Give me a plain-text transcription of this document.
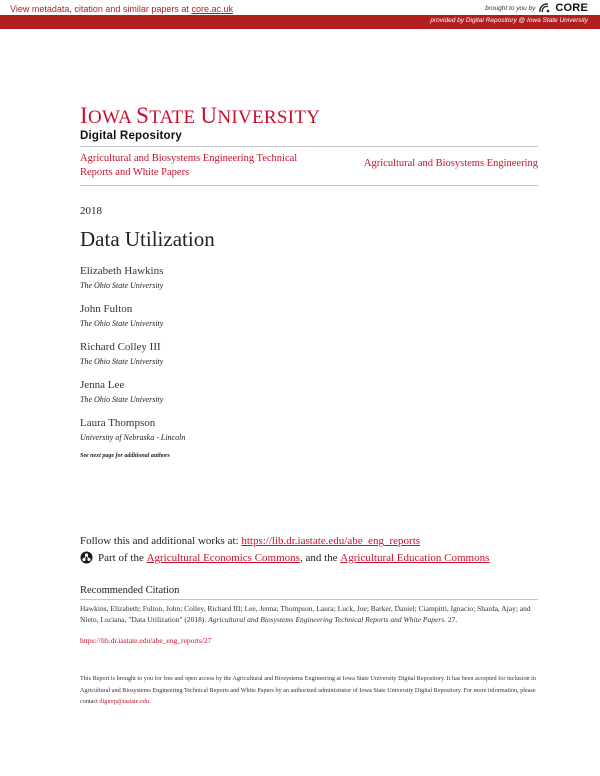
View metadata, citation and similar papers at core.ac.uk	brought to you by CORE
provided by Digital Repository @ Iowa State University
IOWA STATE UNIVERSITY
Digital Repository
Agricultural and Biosystems Engineering Technical Reports and White Papers
Agricultural and Biosystems Engineering
2018
Data Utilization
Elizabeth Hawkins
The Ohio State University
John Fulton
The Ohio State University
Richard Colley III
The Ohio State University
Jenna Lee
The Ohio State University
Laura Thompson
University of Nebraska - Lincoln
See next page for additional authors
Follow this and additional works at: https://lib.dr.iastate.edu/abe_eng_reports
Part of the
Agricultural Economics Commons , and the
Agricultural Education Commons
Recommended Citation
Hawkins, Elizabeth; Fulton, John; Colley, Richard III; Lee, Jenna; Thompson, Laura; Luck, Joe; Barker, Daniel; Ciampitti, Ignacio; Sharda, Ajay; and Nieto, Luciana, "Data Utilization" (2018). Agricultural and Biosystems Engineering Technical Reports and White Papers. 27.
https://lib.dr.iastate.edu/abe_eng_reports/27
This Report is brought to you for free and open access by the Agricultural and Biosystems Engineering at Iowa State University Digital Repository. It has been accepted for inclusion in Agricultural and Biosystems Engineering Technical Reports and White Papers by an authorized administrator of Iowa State University Digital Repository. For more information, please contact digirep@iastate.edu.
